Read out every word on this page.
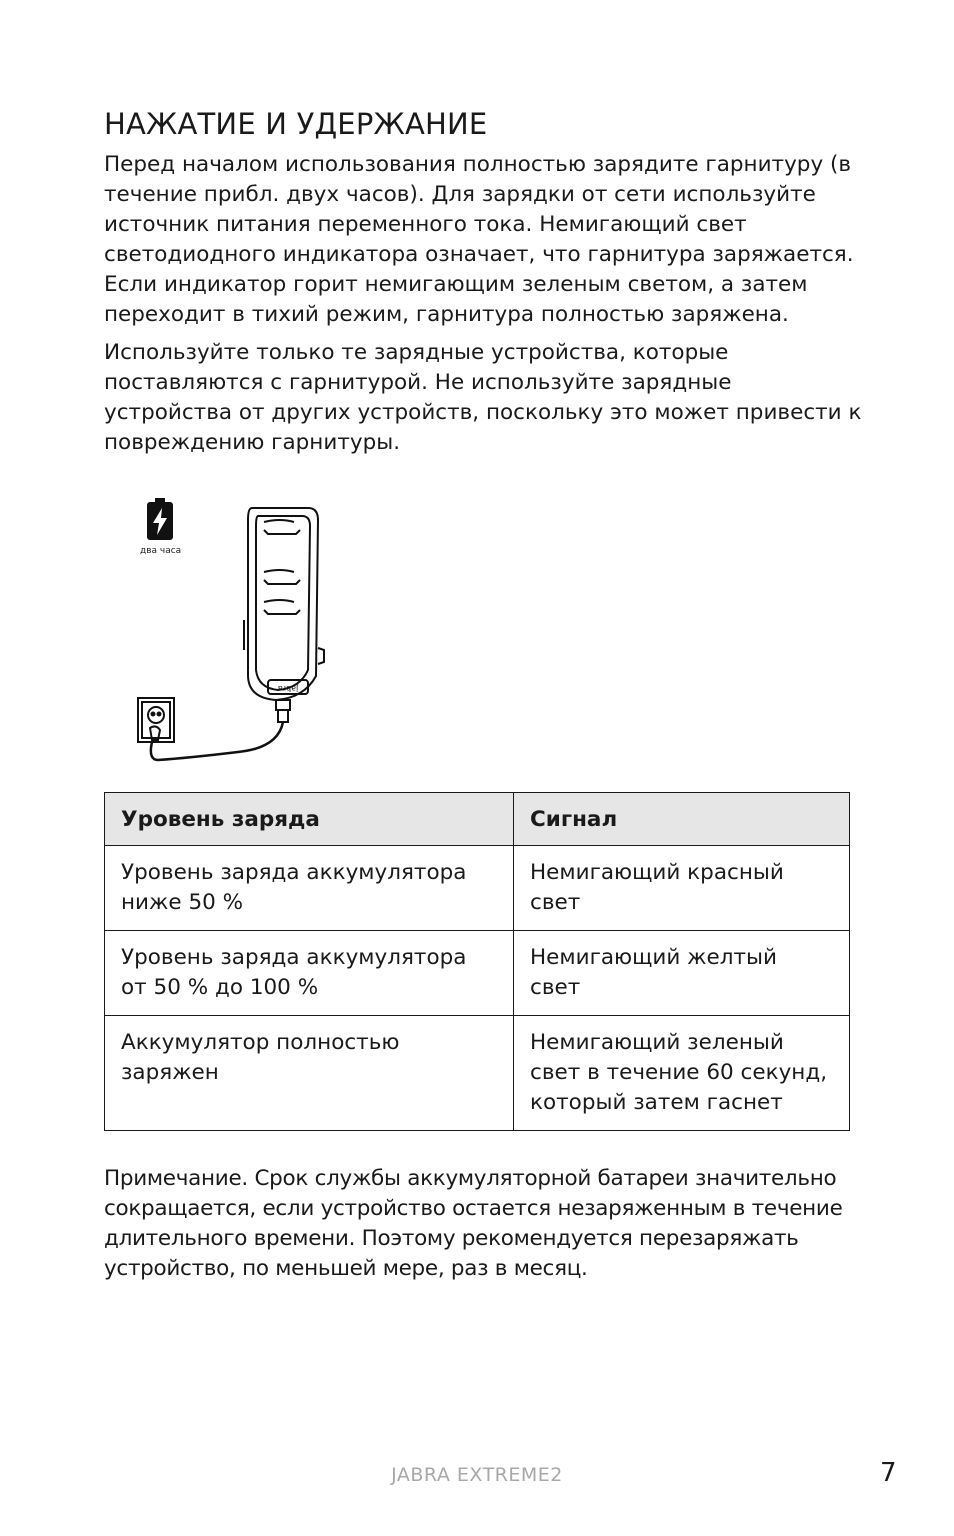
НАЖАТИЕ И УДЕРЖАНИЕ

Перед началом использования полностью зарядите гарнитуру (в течение прибл. двух часов). Для зарядки от сети используйте источник питания переменного тока. Немигающий свет светодиодного индикатора означает, что гарнитура заряжается. Если индикатор горит немигающим зеленым светом, а затем переходит в тихий режим, гарнитура полностью заряжена.

Используйте только те зарядные устройства, которые поставляются с гарнитурой. Не используйте зарядные устройства от других устройств, поскольку это может привести к повреждению гарнитуры.

jabra
два часа
Уровень заряда	Сигнал
Уровень заряда аккумулятора ниже 50 %	Немигающий красный свет
Уровень заряда аккумулятора от 50 % до 100 %	Немигающий желтый свет
Аккумулятор полностью заряжен	Немигающий зеленый свет в течение 60 секунд, который затем гаснет

Примечание. Срок службы аккумуляторной батареи значительно сокращается, если устройство остается незаряженным в течение длительного времени. Поэтому рекомендуется перезаряжать устройство, по меньшей мере, раз в месяц.

JABRA EXTREME2	7
